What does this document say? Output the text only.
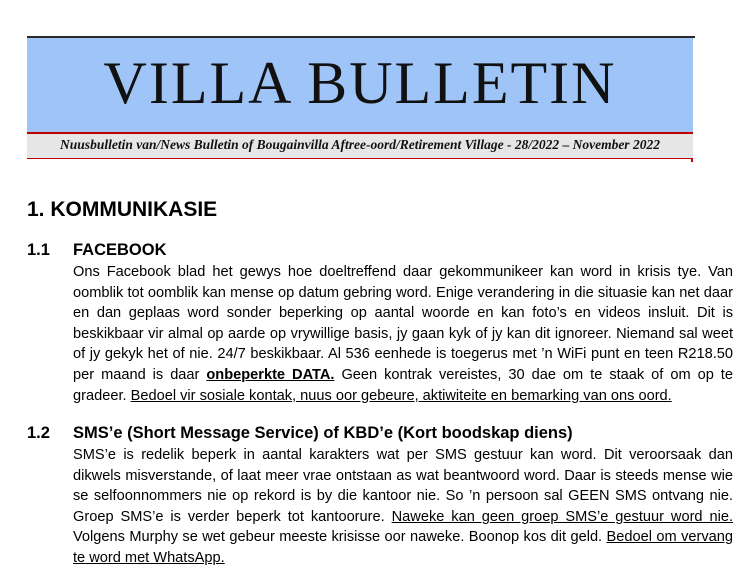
VILLA BULLETIN
Nuusbulletin van/News Bulletin of Bougainvilla Aftree-oord/Retirement Village - 28/2022 – November 2022
1. KOMMUNIKASIE
1.1 FACEBOOK
Ons Facebook blad het gewys hoe doeltreffend daar gekommunikeer kan word in krisis tye. Van oomblik tot oomblik kan mense op datum gebring word. Enige verandering in die situasie kan net daar en dan geplaas word sonder beperking op aantal woorde en kan foto’s en videos insluit. Dit is beskikbaar vir almal op aarde op vrywillige basis, jy gaan kyk of jy kan dit ignoreer. Niemand sal weet of jy gekyk het of nie. 24/7 beskikbaar. Al 536 eenhede is toegerus met ’n WiFi punt en teen R218.50 per maand is daar onbeperkte DATA. Geen kontrak vereistes, 30 dae om te staak of om op te gradeer. Bedoel vir sosiale kontak, nuus oor gebeure, aktiwiteite en bemarking van ons oord.
1.2 SMS’e (Short Message Service) of KBD’e (Kort boodskap diens)
SMS’e is redelik beperk in aantal karakters wat per SMS gestuur kan word. Dit veroorsaak dan dikwels misverstande, of laat meer vrae ontstaan as wat beantwoord word. Daar is steeds mense wie se selfoonnommers nie op rekord is by die kantoor nie. So ’n persoon sal GEEN SMS ontvang nie. Groep SMS’e is verder beperk tot kantoorure. Naweke kan geen groep SMS’e gestuur word nie. Volgens Murphy se wet gebeur meeste krisisse oor naweke. Boonop kos dit geld. Bedoel om vervang te word met WhatsApp.
